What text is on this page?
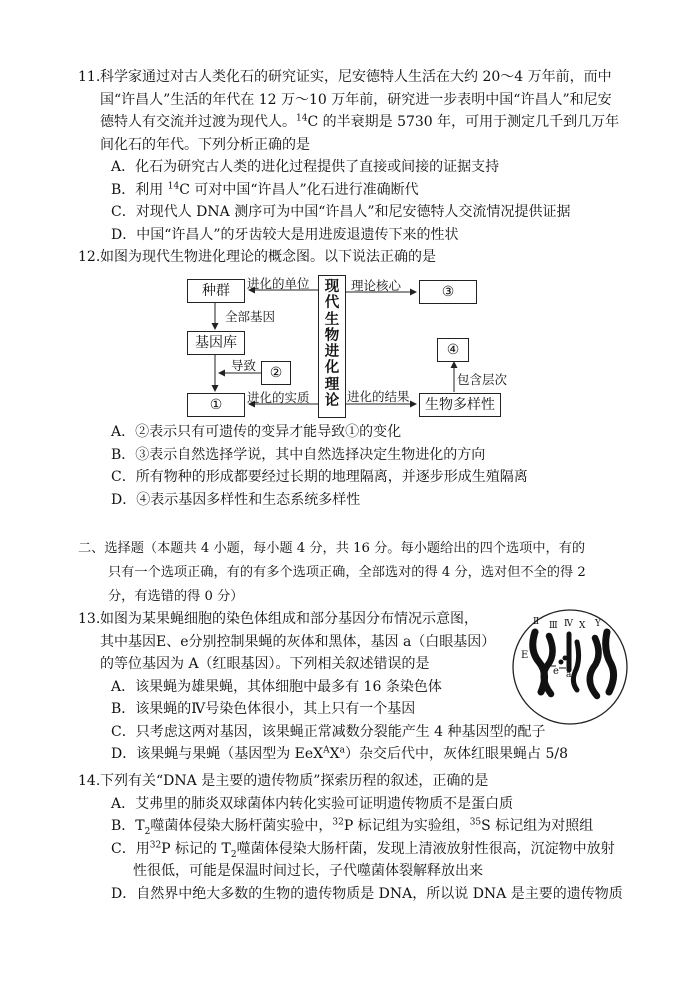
11.科学家通过对古人类化石的研究证实，尼安德特人生活在大约 20～4 万年前，而中

国“许昌人”生活的年代在 12 万～10 万年前，研究进一步表明中国“许昌人”和尼安

德特人有交流并过渡为现代人。$^{14}$C 的半衰期是 5730 年，可用于测定几千到几万年

间化石的年代。下列分析正确的是

A．化石为研究古人类的进化过程提供了直接或间接的证据支持

B．利用 $^{14}$C 可对中国“许昌人”化石进行准确断代

C．对现代人 DNA 测序可为中国“许昌人”和尼安德特人交流情况提供证据

D．中国“许昌人”的牙齿较大是用进废退遗传下来的性状

12.如图为现代生物进化理论的概念图。以下说法正确的是

种群	进化的单位
全部基因
基因库
导致 ②
①	进化的实质
现
代
生
物
进
化
理
论
理论核心	③
④
包含层次
进化的结果
生物多样性

A．②表示只有可遗传的变异才能导致①的变化

B．③表示自然选择学说，其中自然选择决定生物进化的方向

C．所有物种的形成都要经过长期的地理隔离，并逐步形成生殖隔离

D．④表示基因多样性和生态系统多样性

二、选择题（本题共 4 小题，每小题 4 分，共 16 分。每小题给出的四个选项中，有的

只有一个选项正确，有的有多个选项正确，全部选对的得 4 分，选对但不全的得 2

分，有选错的得 0 分）

13.如图为某果蝇细胞的染色体组成和部分基因分布情况示意图，

其中基因E、e分别控制果蝇的灰体和黑体，基因 a（白眼基因）

的等位基因为 A（红眼基因）。下列相关叙述错误的是

A．该果蝇为雄果蝇，其体细胞中最多有 16 条染色体

B．该果蝇的Ⅳ号染色体很小，其上只有一个基因

C．只考虑这两对基因，该果蝇正常减数分裂能产生 4 种基因型的配子

D．该果蝇与果蝇（基因型为 $EeX^AX^a$）杂交后代中，灰体红眼果蝇占 5/8

Ⅱ Ⅲ Ⅳ X Y
E
e a

14.下列有关“DNA 是主要的遗传物质”探索历程的叙述，正确的是

A．艾弗里的肺炎双球菌体内转化实验可证明遗传物质不是蛋白质

B．$T_2$噬菌体侵染大肠杆菌实验中，$^{32}$P 标记组为实验组，$^{35}$S 标记组为对照组

C．用$^{32}$P 标记的 $T_2$噬菌体侵染大肠杆菌，发现上清液放射性很高，沉淀物中放射

性很低，可能是保温时间过长，子代噬菌体裂解释放出来

D．自然界中绝大多数的生物的遗传物质是 DNA，所以说 DNA 是主要的遗传物质
